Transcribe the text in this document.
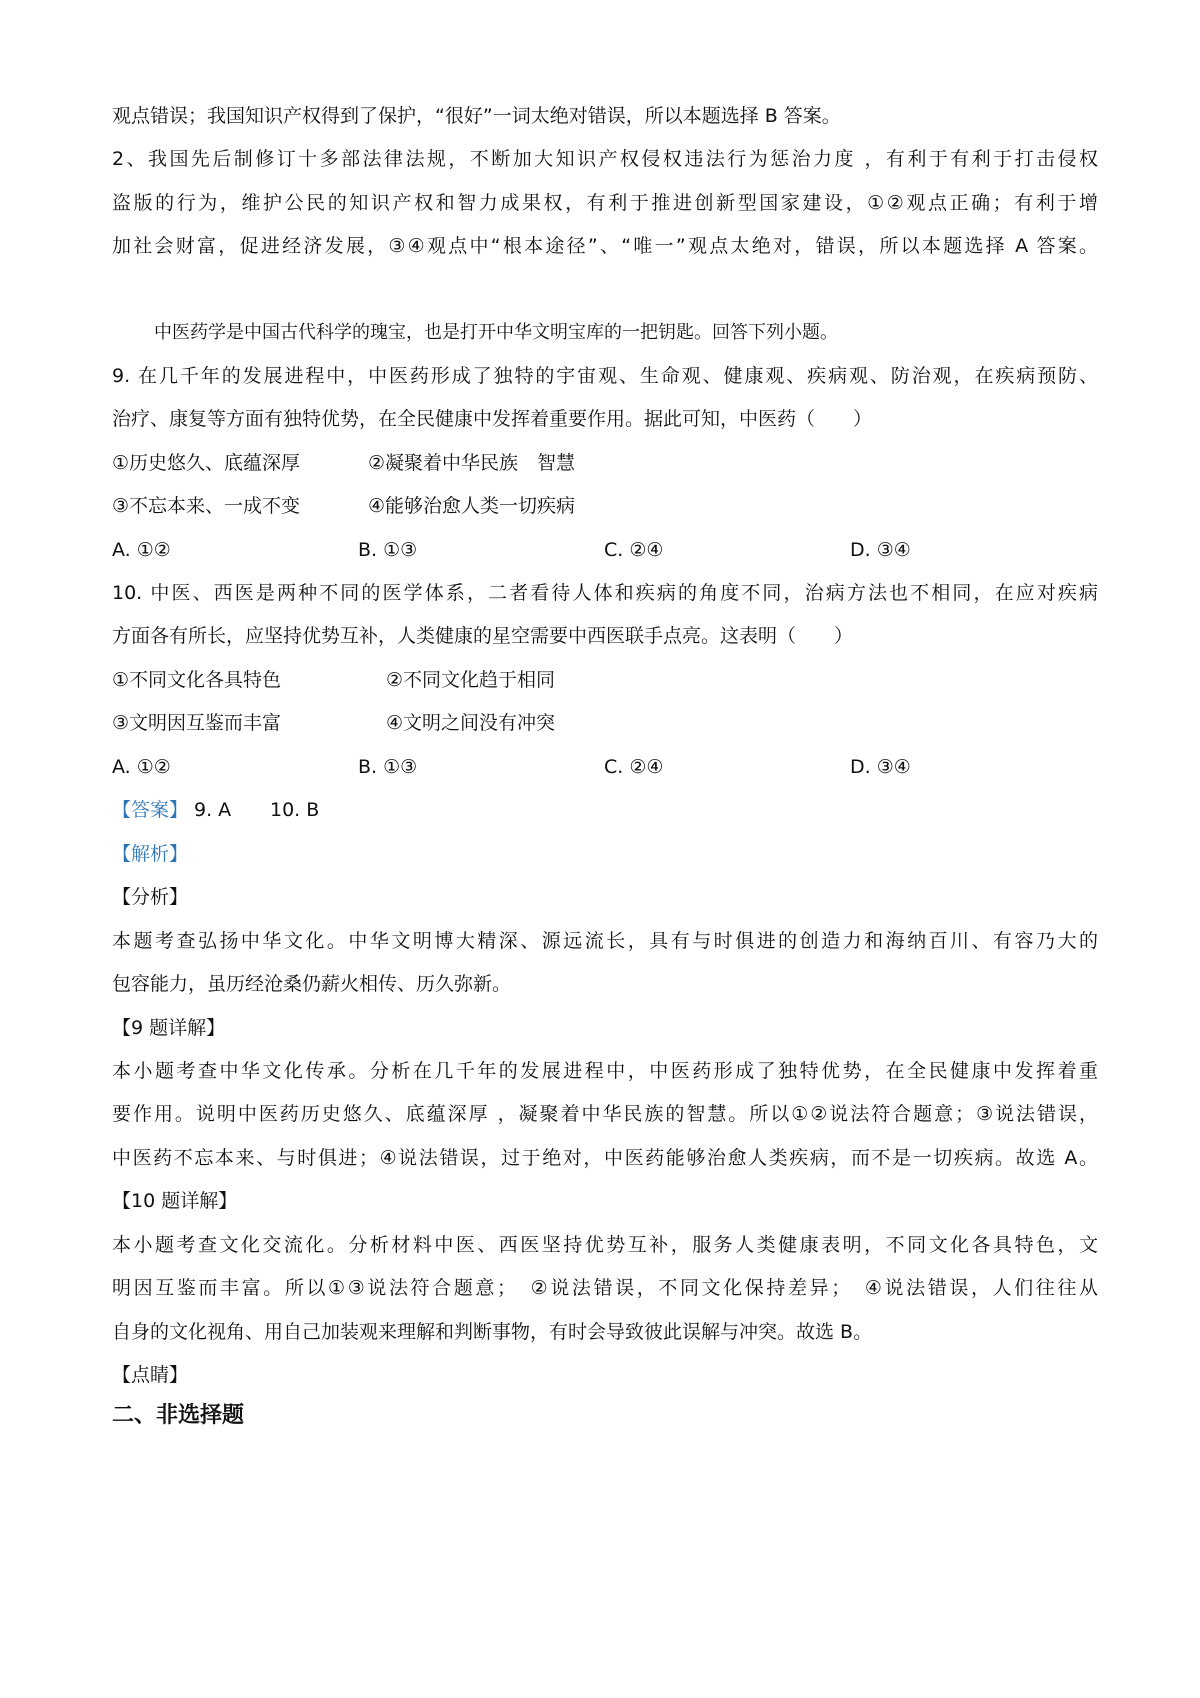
观点错误；我国知识产权得到了保护，“很好”一词太绝对错误，所以本题选择 B 答案。
2、我国先后制修订十多部法律法规，不断加大知识产权侵权违法行为惩治力度 ，有利于有利于打击侵权
盗版的行为，维护公民的知识产权和智力成果权，有利于推进创新型国家建设，①②观点正确；有利于增
加社会财富，促进经济发展，③④观点中“根本途径”、“唯一”观点太绝对，错误，所以本题选择 A 答案。
中医药学是中国古代科学的瑰宝，也是打开中华文明宝库的一把钥匙。回答下列小题。
9. 在几千年的发展进程中，中医药形成了独特的宇宙观、生命观、健康观、疾病观、防治观，在疾病预防、
治疗、康复等方面有独特优势，在全民健康中发挥着重要作用。据此可知，中医药（　　）
①历史悠久、底蕴深厚	②凝聚着中华民族　智慧
③不忘本来、一成不变	④能够治愈人类一切疾病
A. ①②	B. ①③	C. ②④	D. ③④
10. 中医、西医是两种不同的医学体系，二者看待人体和疾病的角度不同，治病方法也不相同，在应对疾病
方面各有所长，应坚持优势互补，人类健康的星空需要中西医联手点亮。这表明（　　）
①不同文化各具特色	②不同文化趋于相同
③文明因互鉴而丰富	④文明之间没有冲突
A. ①②	B. ①③	C. ②④	D. ③④
【答案】 9. A 10. B
【解析】
【分析】
本题考查弘扬中华文化。中华文明博大精深、源远流长，具有与时俱进的创造力和海纳百川、有容乃大的
包容能力，虽历经沧桑仍薪火相传、历久弥新。
【9 题详解】
本小题考查中华文化传承。分析在几千年的发展进程中，中医药形成了独特优势，在全民健康中发挥着重
要作用。说明中医药历史悠久、底蕴深厚 ，凝聚着中华民族的智慧。所以①②说法符合题意；③说法错误，
中医药不忘本来、与时俱进；④说法错误，过于绝对，中医药能够治愈人类疾病，而不是一切疾病。故选 A。
【10 题详解】
本小题考查文化交流化。分析材料中医、西医坚持优势互补，服务人类健康表明，不同文化各具特色，文
明因互鉴而丰富。所以①③说法符合题意；　②说法错误，不同文化保持差异；　④说法错误，人们往往从
自身的文化视角、用自己加装观来理解和判断事物，有时会导致彼此误解与冲突。故选 B。
【点睛】
二、非选择题
